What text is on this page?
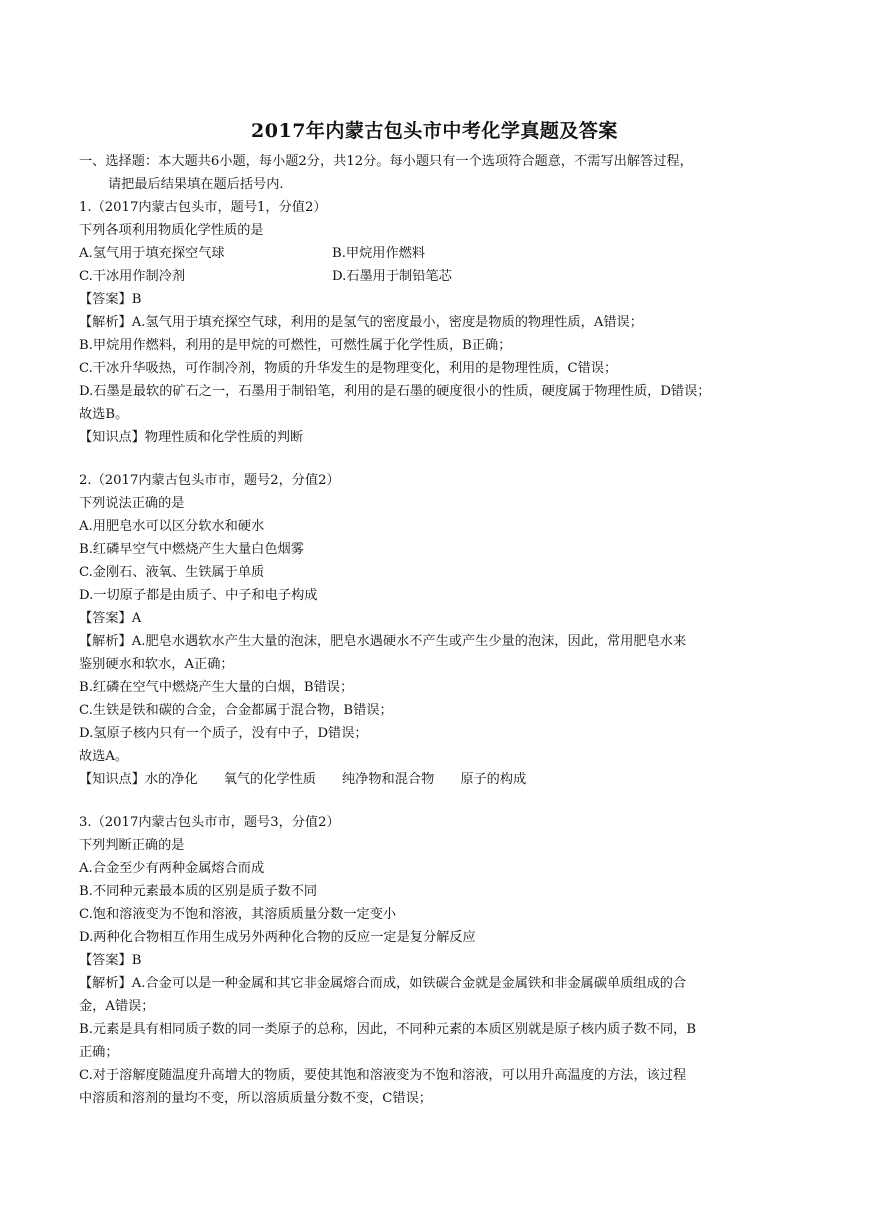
2017年内蒙古包头市中考化学真题及答案
一、选择题：本大题共6小题，每小题2分，共12分。每小题只有一个选项符合题意，不需写出解答过程，
请把最后结果填在题后括号内.
1.（2017内蒙古包头市，题号1，分值2）
下列各项利用物质化学性质的是
A.氢气用于填充探空气球	B.甲烷用作燃料
C.干冰用作制冷剂	D.石墨用于制铅笔芯
【答案】B
【解析】A.氢气用于填充探空气球，利用的是氢气的密度最小，密度是物质的物理性质，A错误；
B.甲烷用作燃料，利用的是甲烷的可燃性，可燃性属于化学性质，B正确；
C.干冰升华吸热，可作制冷剂，物质的升华发生的是物理变化，利用的是物理性质，C错误；
D.石墨是最软的矿石之一，石墨用于制铅笔，利用的是石墨的硬度很小的性质，硬度属于物理性质，D错误；
故选B。
【知识点】物理性质和化学性质的判断
2.（2017内蒙古包头市市，题号2，分值2）
下列说法正确的是
A.用肥皂水可以区分软水和硬水
B.红磷早空气中燃烧产生大量白色烟雾
C.金刚石、液氧、生铁属于单质
D.一切原子都是由质子、中子和电子构成
【答案】A
【解析】A.肥皂水遇软水产生大量的泡沫，肥皂水遇硬水不产生或产生少量的泡沫，因此，常用肥皂水来
鉴别硬水和软水，A正确；
B.红磷在空气中燃烧产生大量的白烟，B错误；
C.生铁是铁和碳的合金，合金都属于混合物，B错误；
D.氢原子核内只有一个质子，没有中子，D错误；
故选A。
【知识点】水的净化 氧气的化学性质 纯净物和混合物 原子的构成
3.（2017内蒙古包头市市，题号3，分值2）
下列判断正确的是
A.合金至少有两种金属熔合而成
B.不同种元素最本质的区别是质子数不同
C.饱和溶液变为不饱和溶液，其溶质质量分数一定变小
D.两种化合物相互作用生成另外两种化合物的反应一定是复分解反应
【答案】B
【解析】A.合金可以是一种金属和其它非金属熔合而成，如铁碳合金就是金属铁和非金属碳单质组成的合
金，A错误；
B.元素是具有相同质子数的同一类原子的总称，因此，不同种元素的本质区别就是原子核内质子数不同，B
正确；
C.对于溶解度随温度升高增大的物质，要使其饱和溶液变为不饱和溶液，可以用升高温度的方法，该过程
中溶质和溶剂的量均不变，所以溶质质量分数不变，C错误；
